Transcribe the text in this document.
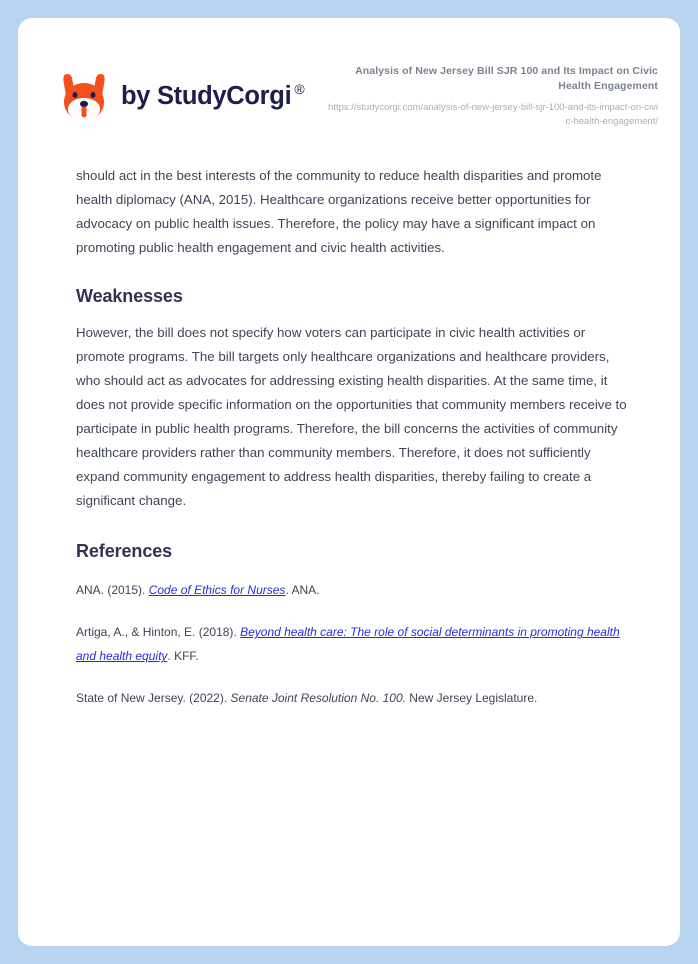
by StudyCorgi ®
Analysis of New Jersey Bill SJR 100 and Its Impact on Civic Health Engagement
https://studycorgi.com/analysis-of-new-jersey-bill-sjr-100-and-its-impact-on-civic-health-engagement/

should act in the best interests of the community to reduce health disparities and promote health diplomacy (ANA, 2015). Healthcare organizations receive better opportunities for advocacy on public health issues. Therefore, the policy may have a significant impact on promoting public health engagement and civic health activities.

Weaknesses

However, the bill does not specify how voters can participate in civic health activities or promote programs. The bill targets only healthcare organizations and healthcare providers, who should act as advocates for addressing existing health disparities. At the same time, it does not provide specific information on the opportunities that community members receive to participate in public health programs. Therefore, the bill concerns the activities of community healthcare providers rather than community members. Therefore, it does not sufficiently expand community engagement to address health disparities, thereby failing to create a significant change.

References

ANA. (2015). Code of Ethics for Nurses. ANA.

Artiga, A., & Hinton, E. (2018). Beyond health care: The role of social determinants in promoting health and health equity. KFF.

State of New Jersey. (2022). Senate Joint Resolution No. 100. New Jersey Legislature.
